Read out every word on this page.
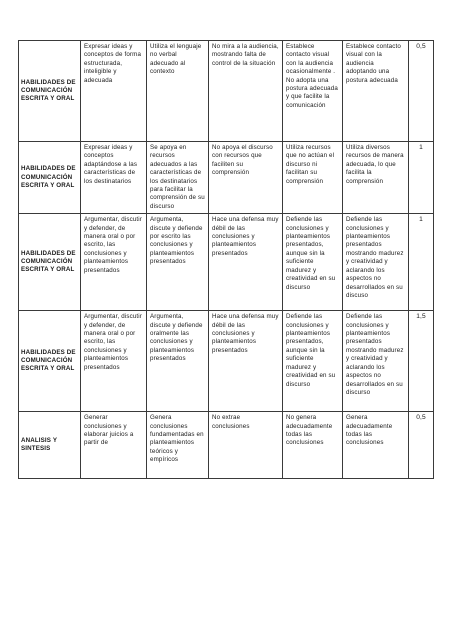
HABILIDADES DE COMUNICACIÓN ESCRITA Y ORAL	Expresar ideas y conceptos de forma estructurada, inteligible y adecuada	Utiliza el lenguaje no verbal adecuado al contexto	No mira a la audiencia, mostrando falta de control de la situación	Establece contacto visual con la audiencia ocasionalmente . No adopta una postura adecuada y que facilite la comunicación	Establece contacto visual con la audiencia adoptando una postura adecuada	0,5
HABILIDADES DE COMUNICACIÓN ESCRITA Y ORAL	Expresar ideas y conceptos adaptándose a las características de los destinatarios	Se apoya en recursos adecuados a las características de los destinatarios para facilitar la comprensión de su discurso	No apoya el discurso con recursos que faciliten su comprensión	Utiliza recursos que no actúan el discurso ni facilitan su comprensión	Utiliza diversos recursos de manera adecuada, lo que facilita la comprensión	1
HABILIDADES DE COMUNICACIÓN ESCRITA Y ORAL	Argumentar, discutir y defender, de manera oral o por escrito, las conclusiones y planteamientos presentados	Argumenta, discute y defiende por escrito las conclusiones y planteamientos presentados	Hace una defensa muy débil de las conclusiones y planteamientos presentados	Defiende las conclusiones y planteamientos presentados, aunque sin la suficiente madurez y creatividad en su discurso	Defiende las conclusiones y planteamientos presentados mostrando madurez y creatividad y aclarando los aspectos no desarrollados en su discuso	1
HABILIDADES DE COMUNICACIÓN ESCRITA Y ORAL	Argumentar, discutir y defender, de manera oral o por escrito, las conclusiones y planteamientos presentados	Argumenta, discute y defiende oralmente las conclusiones y planteamientos presentados	Hace una defensa muy débil de las conclusiones y planteamientos presentados	Defiende las conclusiones y planteamientos presentados, aunque sin la suficiente madurez y creatividad en su discurso	Defiende las conclusiones y planteamientos presentados mostrando madurez y creatividad y aclarando los aspectos no desarrollados en su discurso	1,5
ANALISIS Y SINTESIS	Generar conclusiones y elaborar juicios a partir de	Genera conclusiones fundamentadas en planteamientos teóricos y empíricos	No extrae conclusiones	No genera adecuadamente todas las conclusiones	Genera adecuadamente todas las conclusiones	0,5
